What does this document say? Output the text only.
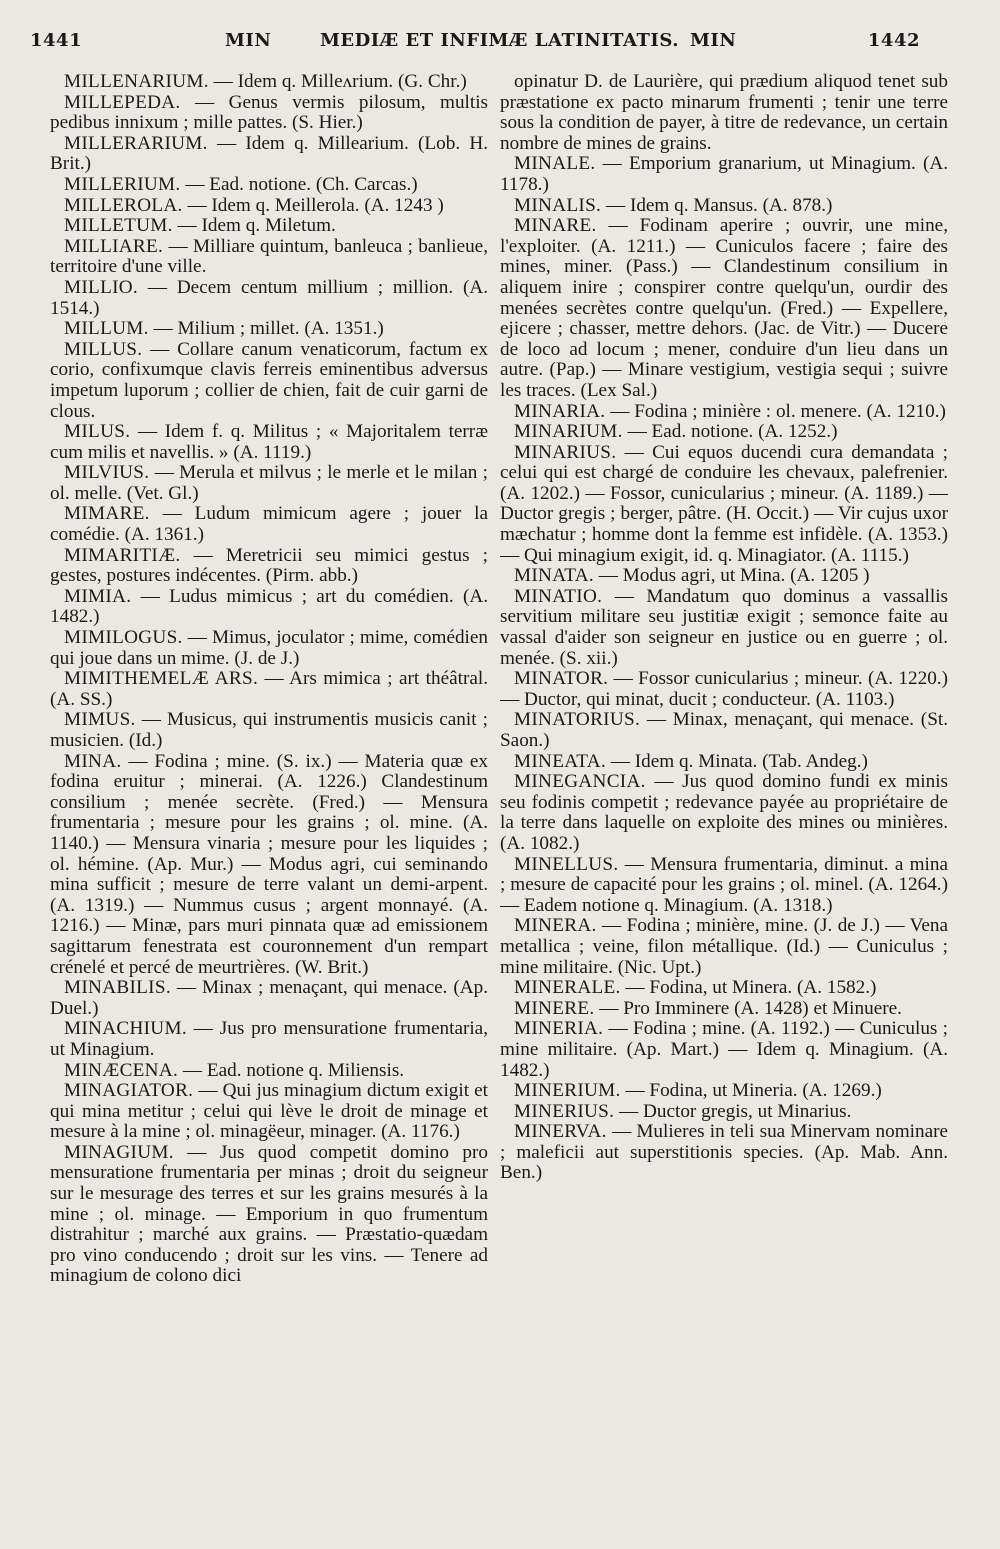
1441	MIN	MEDIÆ ET INFIMÆ LATINITATIS. MIN	1442

MILLENARIUM. — Idem q. Milleʌrium. (G. Chr.)

MILLEPEDA. — Genus vermis pilosum, multis pedibus innixum ; mille pattes. (S. Hier.)

MILLERARIUM. — Idem q. Millearium. (Lob. H. Brit.)

MILLERIUM. — Ead. notione. (Ch. Carcas.)

MILLEROLA. — Idem q. Meillerola. (A. 1243 )

MILLETUM. — Idem q. Miletum.

MILLIARE. — Milliare quintum, banleuca ; banlieue, territoire d'une ville.

MILLIO. — Decem centum millium ; million. (A. 1514.)

MILLUM. — Milium ; millet. (A. 1351.)

MILLUS. — Collare canum venaticorum, factum ex corio, confixumque clavis ferreis eminentibus adversus impetum luporum ; collier de chien, fait de cuir garni de clous.

MILUS. — Idem f. q. Militus ; « Majoritalem terræ cum milis et navellis. » (A. 1119.)

MILVIUS. — Merula et milvus ; le merle et le milan ; ol. melle. (Vet. Gl.)

MIMARE. — Ludum mimicum agere ; jouer la comédie. (A. 1361.)

MIMARITIÆ. — Meretricii seu mimici gestus ; gestes, postures indécentes. (Pirm. abb.)

MIMIA. — Ludus mimicus ; art du comédien. (A. 1482.)

MIMILOGUS. — Mimus, joculator ; mime, comédien qui joue dans un mime. (J. de J.)

MIMITHEMELÆ ARS. — Ars mimica ; art théâtral. (A. SS.)

MIMUS. — Musicus, qui instrumentis musicis canit ; musicien. (Id.)

MINA. — Fodina ; mine. (S. ix.) — Materia quæ ex fodina eruitur ; minerai. (A. 1226.) Clandestinum consilium ; menée secrète. (Fred.) — Mensura frumentaria ; mesure pour les grains ; ol. mine. (A. 1140.) — Mensura vinaria ; mesure pour les liquides ; ol. hémine. (Ap. Mur.) — Modus agri, cui seminando mina sufficit ; mesure de terre valant un demi-arpent. (A. 1319.) — Nummus cusus ; argent monnayé. (A. 1216.) — Minæ, pars muri pinnata quæ ad emissionem sagittarum fenestrata est couronnement d'un rempart crénelé et percé de meurtrières. (W. Brit.)

MINABILIS. — Minax ; menaçant, qui menace. (Ap. Duel.)

MINACHIUM. — Jus pro mensuratione frumentaria, ut Minagium.

MINÆCENA. — Ead. notione q. Miliensis.

MINAGIATOR. — Qui jus minagium dictum exigit et qui mina metitur ; celui qui lève le droit de minage et mesure à la mine ; ol. minagëeur, minager. (A. 1176.)

MINAGIUM. — Jus quod competit domino pro mensuratione frumentaria per minas ; droit du seigneur sur le mesurage des terres et sur les grains mesurés à la mine ; ol. minage. — Emporium in quo frumentum distrahitur ; marché aux grains. — Præstatio-quædam pro vino conducendo ; droit sur les vins. — Tenere ad minagium de colono dici

opinatur D. de Laurière, qui prædium aliquod tenet sub præstatione ex pacto minarum frumenti ; tenir une terre sous la condition de payer, à titre de redevance, un certain nombre de mines de grains.

MINALE. — Emporium granarium, ut Minagium. (A. 1178.)

MINALIS. — Idem q. Mansus. (A. 878.)

MINARE. — Fodinam aperire ; ouvrir, une mine, l'exploiter. (A. 1211.) — Cuniculos facere ; faire des mines, miner. (Pass.) — Clandestinum consilium in aliquem inire ; conspirer contre quelqu'un, ourdir des menées secrètes contre quelqu'un. (Fred.) — Expellere, ejicere ; chasser, mettre dehors. (Jac. de Vitr.) — Ducere de loco ad locum ; mener, conduire d'un lieu dans un autre. (Pap.) — Minare vestigium, vestigia sequi ; suivre les traces. (Lex Sal.)

MINARIA. — Fodina ; minière : ol. menere. (A. 1210.)

MINARIUM. — Ead. notione. (A. 1252.)

MINARIUS. — Cui equos ducendi cura demandata ; celui qui est chargé de conduire les chevaux, palefrenier. (A. 1202.) — Fossor, cunicularius ; mineur. (A. 1189.) — Ductor gregis ; berger, pâtre. (H. Occit.) — Vir cujus uxor mæchatur ; homme dont la femme est infidèle. (A. 1353.) — Qui minagium exigit, id. q. Minagiator. (A. 1115.)

MINATA. — Modus agri, ut Mina. (A. 1205 )

MINATIO. — Mandatum quo dominus a vassallis servitium militare seu justitiæ exigit ; semonce faite au vassal d'aider son seigneur en justice ou en guerre ; ol. menée. (S. xii.)

MINATOR. — Fossor cunicularius ; mineur. (A. 1220.) — Ductor, qui minat, ducit ; conducteur. (A. 1103.)

MINATORIUS. — Minax, menaçant, qui menace. (St. Saon.)

MINEATA. — Idem q. Minata. (Tab. Andeg.)

MINEGANCIA. — Jus quod domino fundi ex minis seu fodinis competit ; redevance payée au propriétaire de la terre dans laquelle on exploite des mines ou minières. (A. 1082.)

MINELLUS. — Mensura frumentaria, diminut. a mina ; mesure de capacité pour les grains ; ol. minel. (A. 1264.) — Eadem notione q. Minagium. (A. 1318.)

MINERA. — Fodina ; minière, mine. (J. de J.) — Vena metallica ; veine, filon métallique. (Id.) — Cuniculus ; mine militaire. (Nic. Upt.)

MINERALE. — Fodina, ut Minera. (A. 1582.)

MINERE. — Pro Imminere (A. 1428) et Minuere.

MINERIA. — Fodina ; mine. (A. 1192.) — Cuniculus ; mine militaire. (Ap. Mart.) — Idem q. Minagium. (A. 1482.)

MINERIUM. — Fodina, ut Mineria. (A. 1269.)

MINERIUS. — Ductor gregis, ut Minarius.

MINERVA. — Mulieres in teli sua Minervam nominare ; maleficii aut superstitionis species. (Ap. Mab. Ann. Ben.)
